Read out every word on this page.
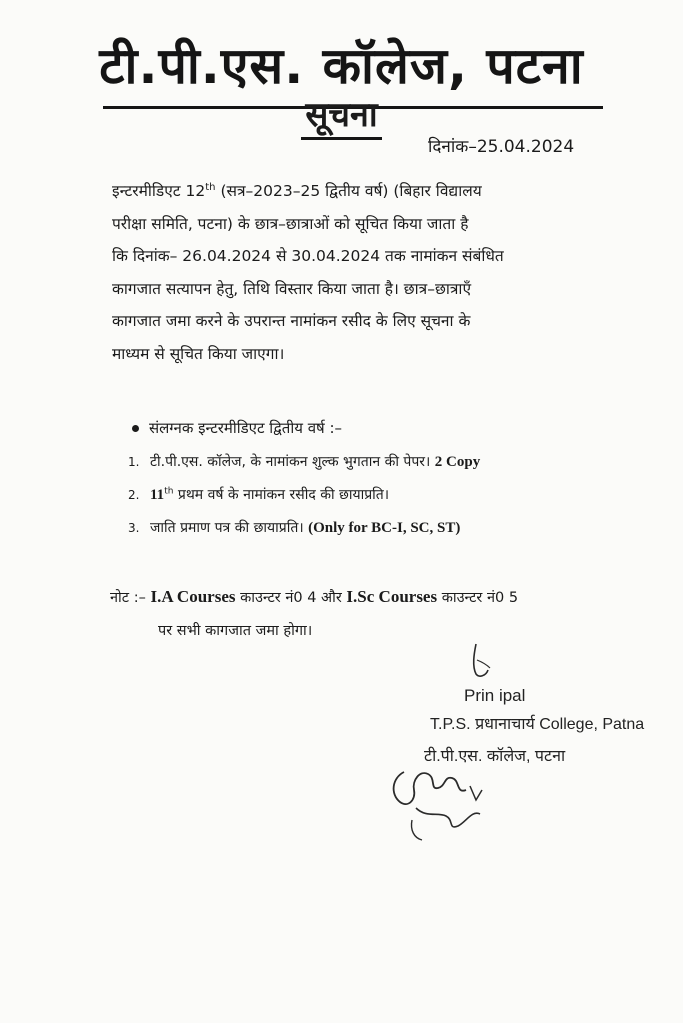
टी.पी.एस. कॉलेज, पटना
सूचना
दिनांक–25.04.2024

इन्टरमीडिएट 12th (सत्र–2023–25 द्वितीय वर्ष) (बिहार विद्यालय

परीक्षा समिति, पटना) के छात्र–छात्राओं को सूचित किया जाता है

कि दिनांक– 26.04.2024 से 30.04.2024 तक नामांकन संबंधित

कागजात सत्यापन हेतु, तिथि विस्तार किया जाता है। छात्र–छात्राएँ

कागजात जमा करने के उपरान्त नामांकन रसीद के लिए सूचना के

माध्यम से सूचित किया जाएगा।

संलग्नक इन्टरमीडिएट द्वितीय वर्ष :–
1. टी.पी.एस. कॉलेज, के नामांकन शुल्क भुगतान की पेपर। 2 Copy
2. 11th प्रथम वर्ष के नामांकन रसीद की छायाप्रति।
3. जाति प्रमाण पत्र की छायाप्रति। (Only for BC-I, SC, ST)
नोट :– I.A Courses काउन्टर नं0 4 और I.Sc Courses काउन्टर नं0 5
पर सभी कागजात जमा होगा।
Prin ipal
T.P.S. प्रधानाचार्य College, Patna
टी.पी.एस. कॉलेज, पटना
